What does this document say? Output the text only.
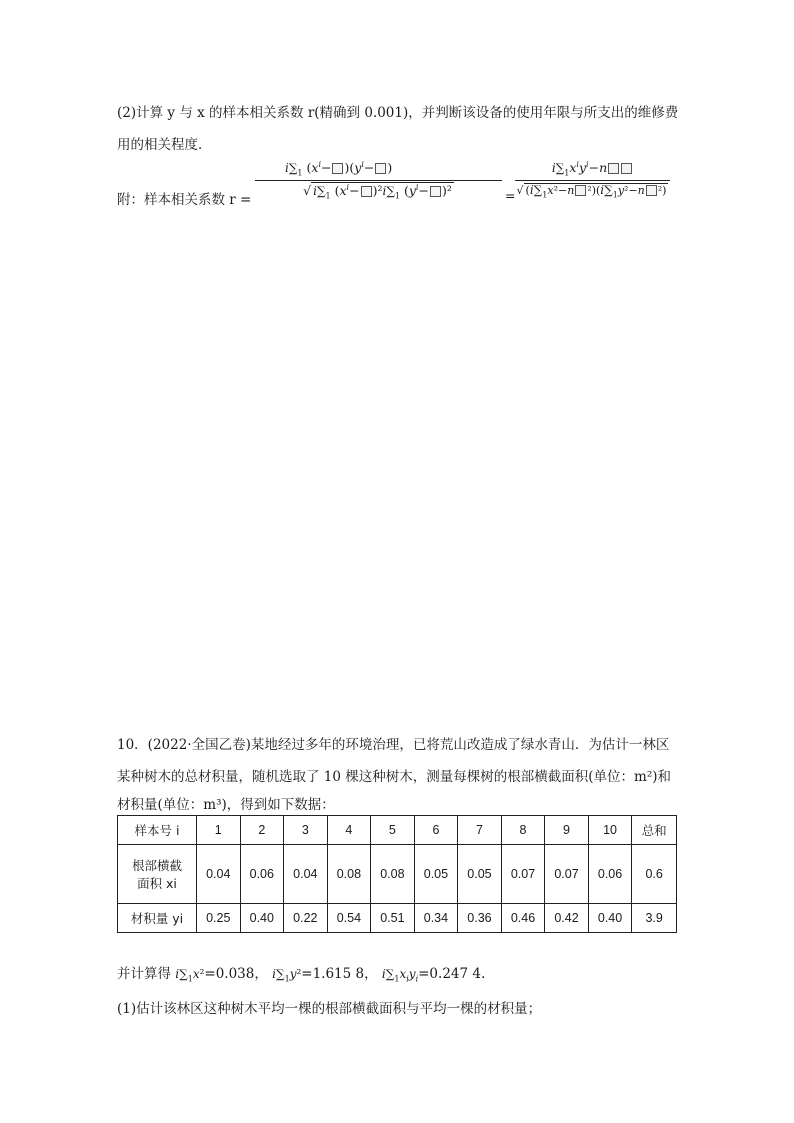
(2)计算 y 与 x 的样本相关系数 r(精确到 0.001)，并判断该设备的使用年限与所支出的维修费
用的相关程度．
附：样本相关系数 r =
$i\sum_1$ $(x^i- )(y^i-$ )
√ $i\sum_1$ $(x^i- )^2i\sum_1$ $(y^i- )^2$	=
$i\sum_1x^iy^i-n$
√ ($i\sum_1x^2-n$ $^2)(i\sum_1y^2-n$ ²)
10．(2022·全国乙卷)某地经过多年的环境治理，已将荒山改造成了绿水青山．为估计一林区
某种树木的总材积量，随机选取了 10 棵这种树木，测量每棵树的根部横截面积(单位：m²)和
材积量(单位：m³)，得到如下数据：
样本号 i	1	2	3	4	5	6	7	8	9	10	总和
根部横截
面积 xi	0.04	0.06	0.04	0.08	0.08	0.05	0.05	0.07	0.07	0.06	0.6
材积量 yi	0.25	0.40	0.22	0.54	0.51	0.34	0.36	0.46	0.42	0.40	3.9
并计算得 $i\sum_1x^2=0.038$， $i\sum_1y^2=1.615$ 8， $i\sum_1x_iy_i=0.247$ 4.
(1)估计该林区这种树木平均一棵的根部横截面积与平均一棵的材积量；
